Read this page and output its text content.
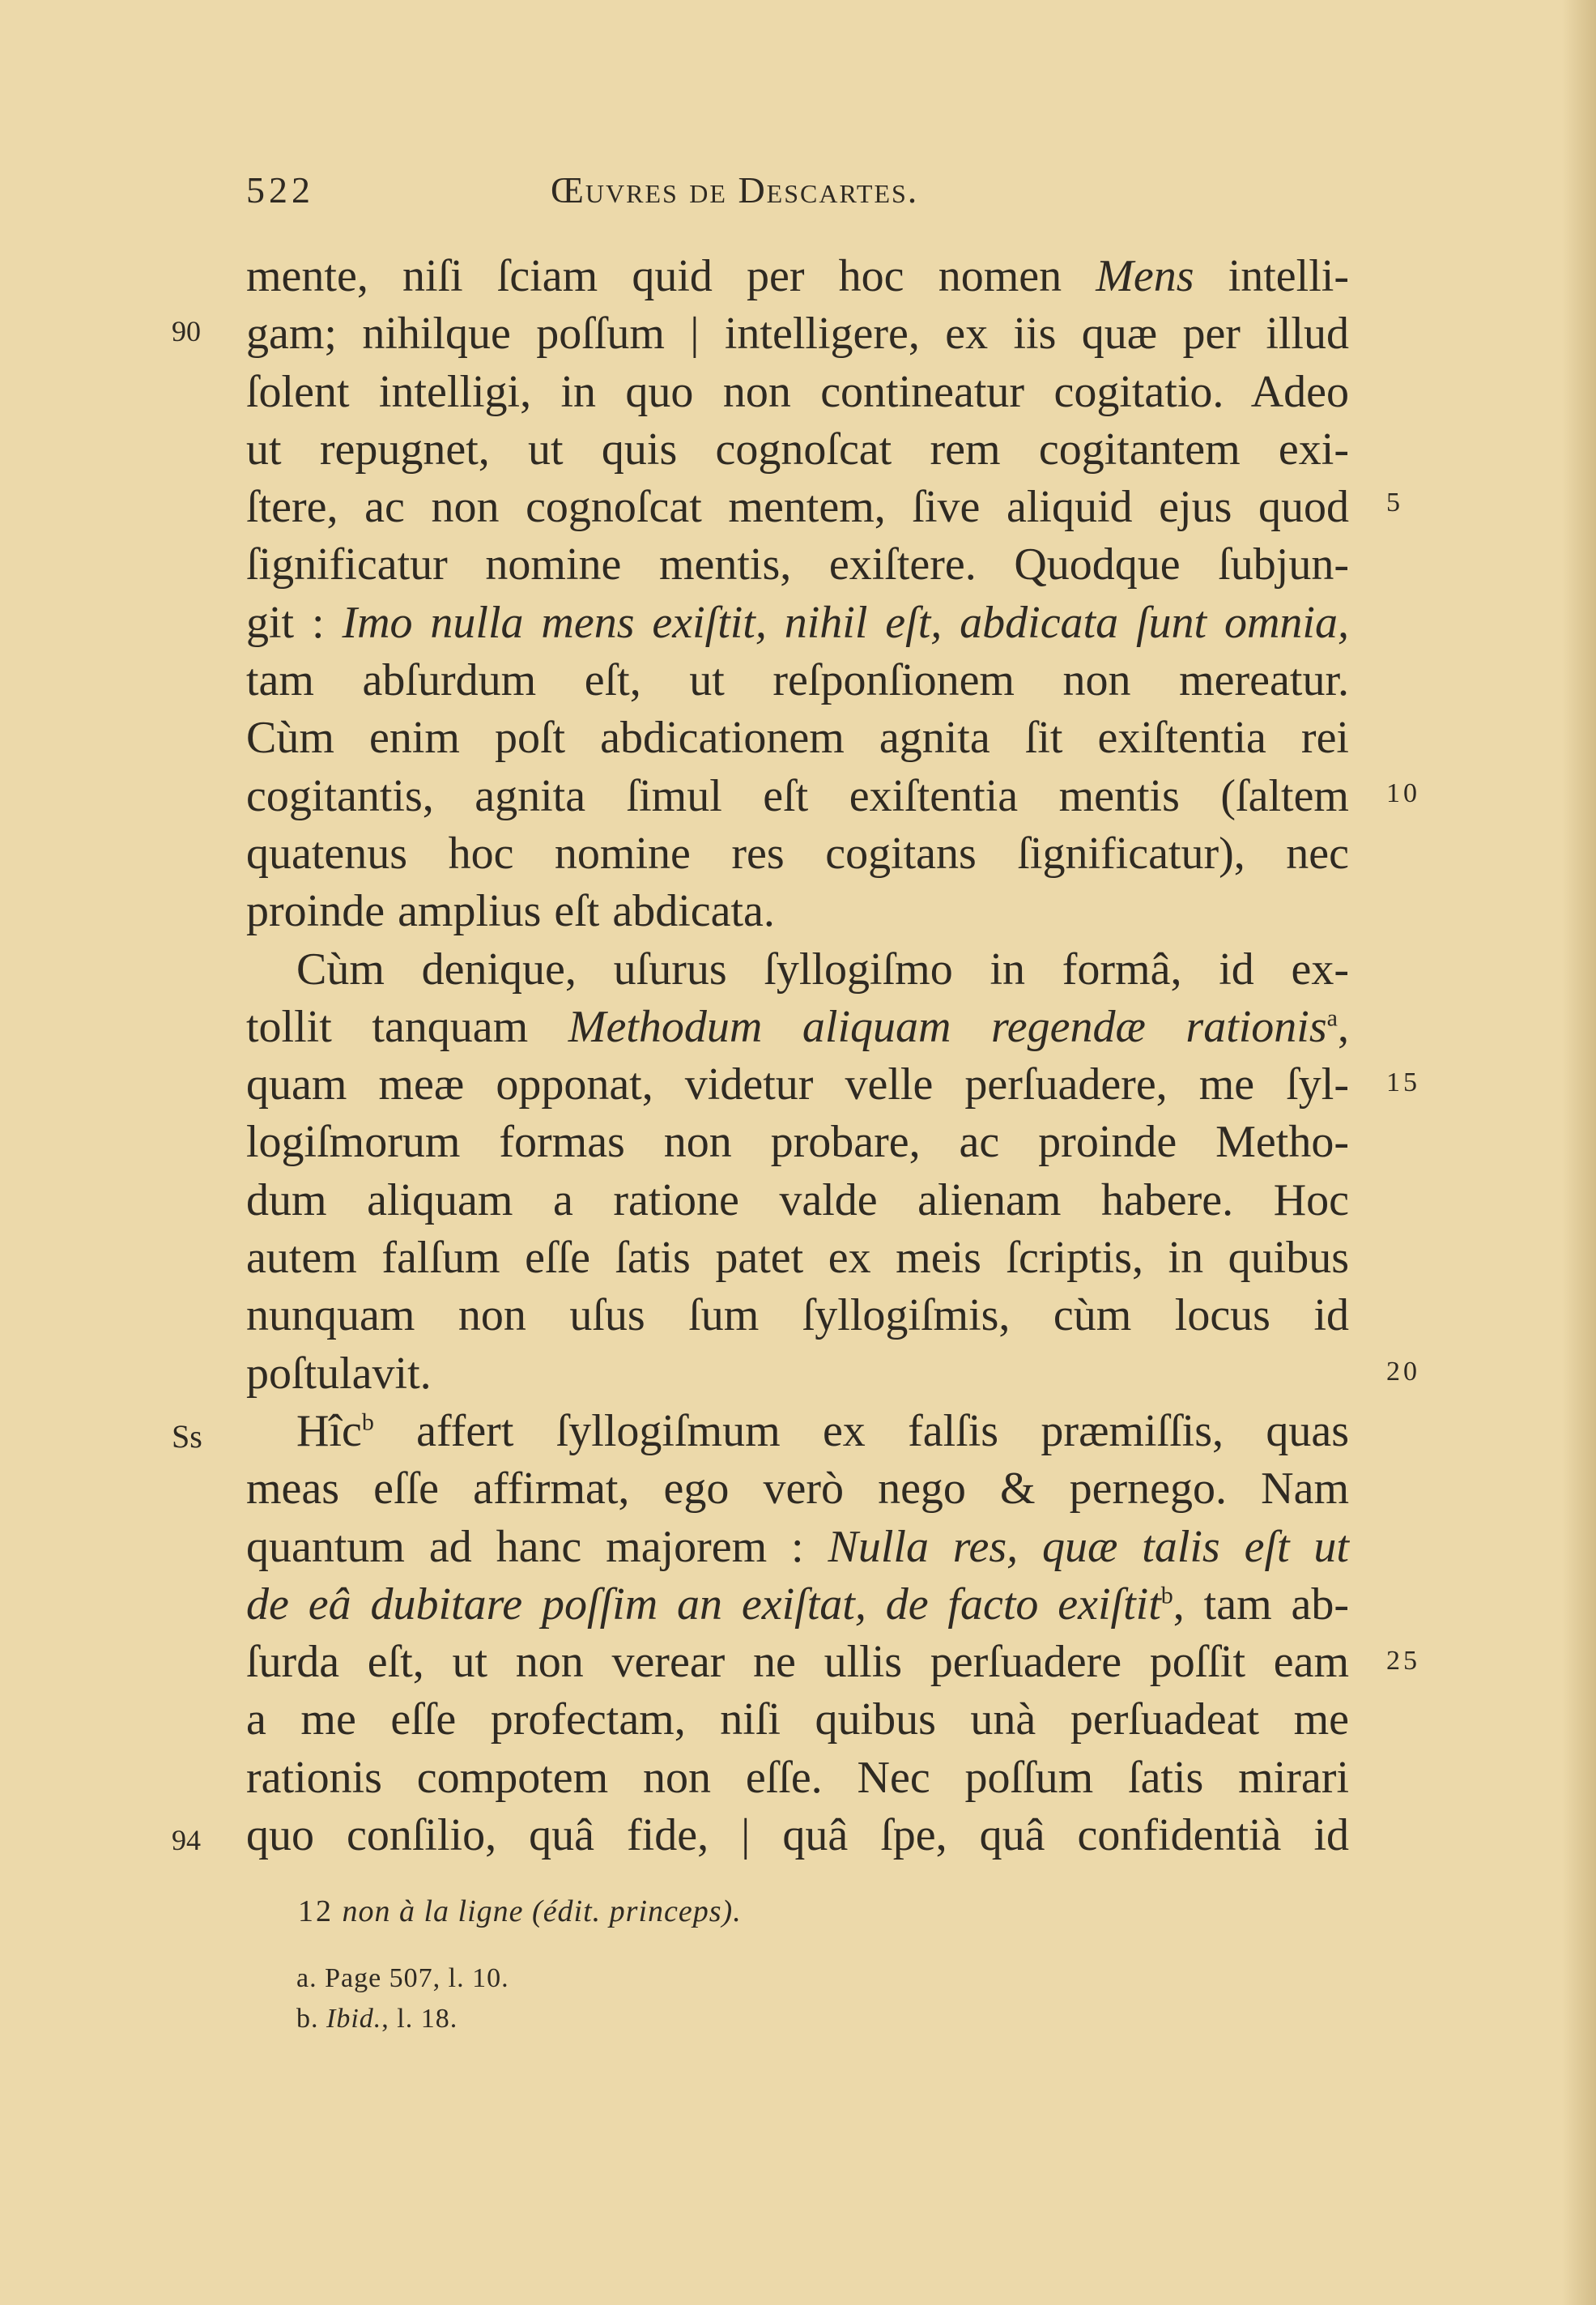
522	Œuvres de Descartes.
90
Ss
94
5
10
15
20
25
mente, niſi ſciam quid per hoc nomen Mens intelli-
gam; nihilque poſſum | intelligere, ex iis quæ per illud
ſolent intelligi, in quo non contineatur cogitatio. Adeo
ut repugnet, ut quis cognoſcat rem cogitantem exi-
ſtere, ac non cognoſcat mentem, ſive aliquid ejus quod
ſignificatur nomine mentis, exiſtere. Quodque ſubjun-
git : Imo nulla mens exiſtit, nihil eſt, abdicata ſunt omnia,
tam abſurdum eſt, ut reſponſionem non mereatur.
Cùm enim poſt abdicationem agnita ſit exiſtentia rei
cogitantis, agnita ſimul eſt exiſtentia mentis (ſaltem
quatenus hoc nomine res cogitans ſignificatur), nec
proinde amplius eſt abdicata.
Cùm denique, uſurus ſyllogiſmo in formâ, id ex-
tollit tanquam Methodum aliquam regendæ rationis$^a$,
quam meæ opponat, videtur velle perſuadere, me ſyl-
logiſmorum formas non probare, ac proinde Metho-
dum aliquam a ratione valde alienam habere. Hoc
autem falſum eſſe ſatis patet ex meis ſcriptis, in quibus
nunquam non uſus ſum ſyllogiſmis, cùm locus id
poſtulavit.
Hîc$^b$ affert ſyllogiſmum ex falſis præmiſſis, quas
meas eſſe affirmat, ego verò nego & pernego. Nam
quantum ad hanc majorem : Nulla res, quæ talis eſt ut
de eâ dubitare poſſim an exiſtat, de facto exiſtit$^b$, tam ab-
ſurda eſt, ut non verear ne ullis perſuadere poſſit eam
a me eſſe profectam, niſi quibus unà perſuadeat me
rationis compotem non eſſe. Nec poſſum ſatis mirari
quo conſilio, quâ fide, | quâ ſpe, quâ confidentià id
12 non à la ligne (édit. princeps).
a. Page 507, l. 10.
b. Ibid., l. 18.
